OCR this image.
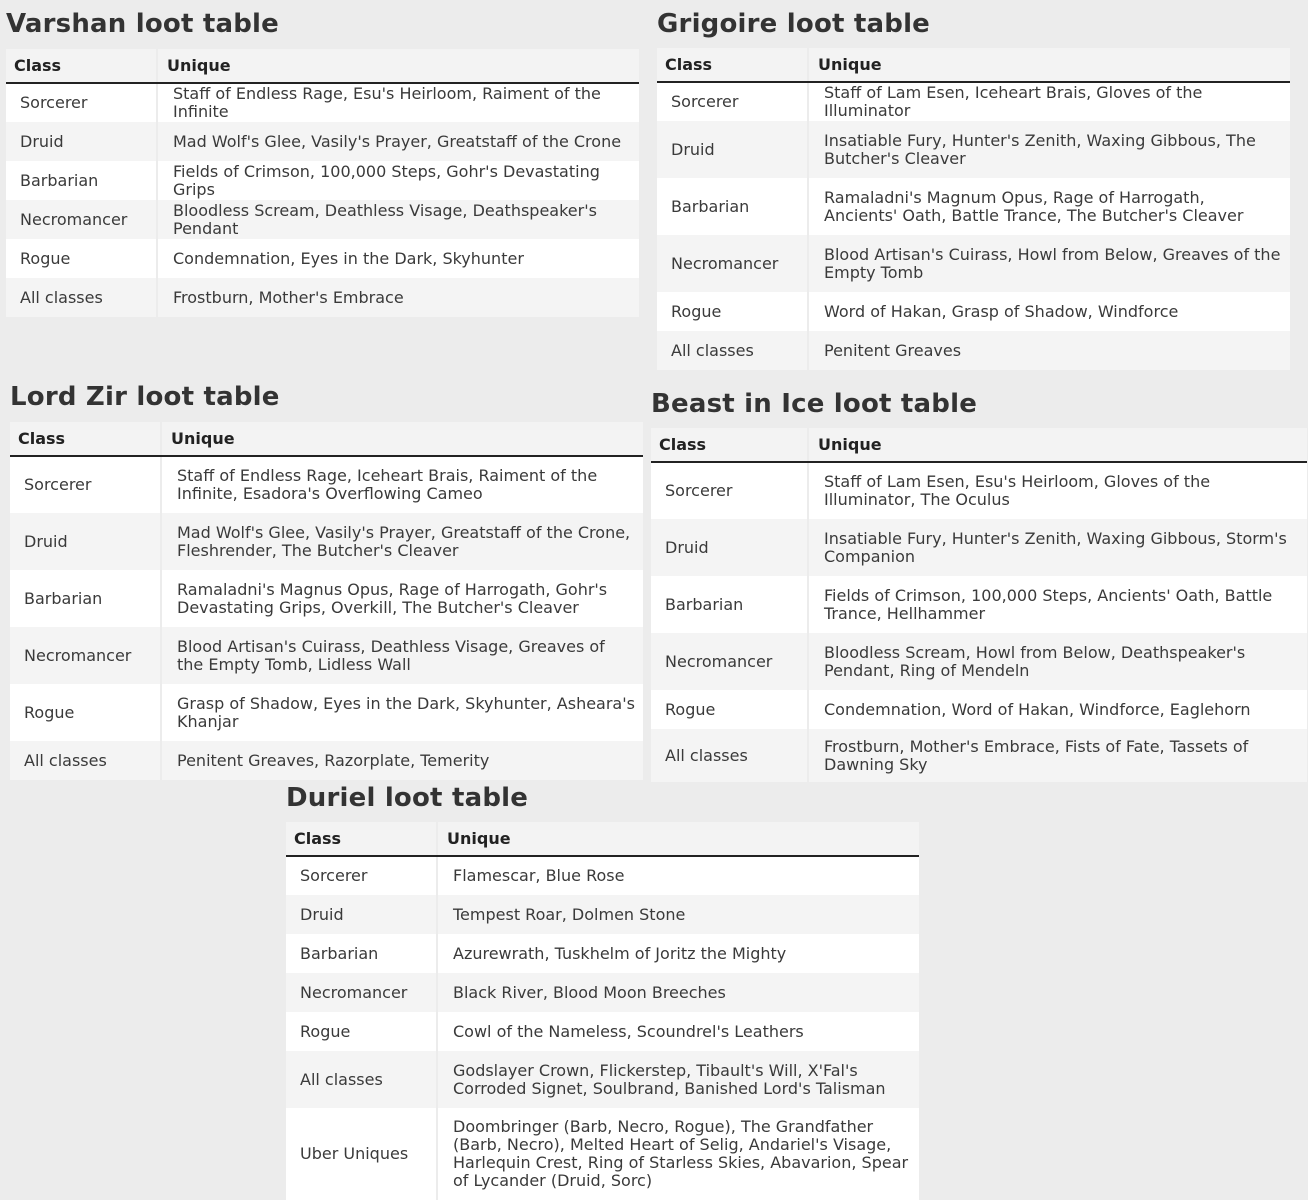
Varshan loot table
Class	Unique
Sorcerer	Staff of Endless Rage, Esu's Heirloom, Raiment of the Infinite
Druid	Mad Wolf's Glee, Vasily's Prayer, Greatstaff of the Crone
Barbarian	Fields of Crimson, 100,000 Steps, Gohr's Devastating Grips
Necromancer	Bloodless Scream, Deathless Visage, Deathspeaker's Pendant
Rogue	Condemnation, Eyes in the Dark, Skyhunter
All classes	Frostburn, Mother's Embrace
Grigoire loot table
Class	Unique
Sorcerer	Staff of Lam Esen, Iceheart Brais, Gloves of the Illuminator
Druid	Insatiable Fury, Hunter's Zenith, Waxing Gibbous, The Butcher's Cleaver
Barbarian	Ramaladni's Magnum Opus, Rage of Harrogath, Ancients' Oath, Battle Trance, The Butcher's Cleaver
Necromancer	Blood Artisan's Cuirass, Howl from Below, Greaves of the Empty Tomb
Rogue	Word of Hakan, Grasp of Shadow, Windforce
All classes	Penitent Greaves
Lord Zir loot table
Class	Unique
Sorcerer	Staff of Endless Rage, Iceheart Brais, Raiment of the Infinite, Esadora's Overflowing Cameo
Druid	Mad Wolf's Glee, Vasily's Prayer, Greatstaff of the Crone, Fleshrender, The Butcher's Cleaver
Barbarian	Ramaladni's Magnus Opus, Rage of Harrogath, Gohr's Devastating Grips, Overkill, The Butcher's Cleaver
Necromancer	Blood Artisan's Cuirass, Deathless Visage, Greaves of the Empty Tomb, Lidless Wall
Rogue	Grasp of Shadow, Eyes in the Dark, Skyhunter, Asheara's Khanjar
All classes	Penitent Greaves, Razorplate, Temerity
Beast in Ice loot table
Class	Unique
Sorcerer	Staff of Lam Esen, Esu's Heirloom, Gloves of the Illuminator, The Oculus
Druid	Insatiable Fury, Hunter's Zenith, Waxing Gibbous, Storm's Companion
Barbarian	Fields of Crimson, 100,000 Steps, Ancients' Oath, Battle Trance, Hellhammer
Necromancer	Bloodless Scream, Howl from Below, Deathspeaker's Pendant, Ring of Mendeln
Rogue	Condemnation, Word of Hakan, Windforce, Eaglehorn
All classes	Frostburn, Mother's Embrace, Fists of Fate, Tassets of Dawning Sky
Duriel loot table
Class	Unique
Sorcerer	Flamescar, Blue Rose
Druid	Tempest Roar, Dolmen Stone
Barbarian	Azurewrath, Tuskhelm of Joritz the Mighty
Necromancer	Black River, Blood Moon Breeches
Rogue	Cowl of the Nameless, Scoundrel's Leathers
All classes	Godslayer Crown, Flickerstep, Tibault's Will, X'Fal's Corroded Signet, Soulbrand, Banished Lord's Talisman
Uber Uniques	Doombringer (Barb, Necro, Rogue), The Grandfather (Barb, Necro), Melted Heart of Selig, Andariel's Visage, Harlequin Crest, Ring of Starless Skies, Abavarion, Spear of Lycander (Druid, Sorc)
